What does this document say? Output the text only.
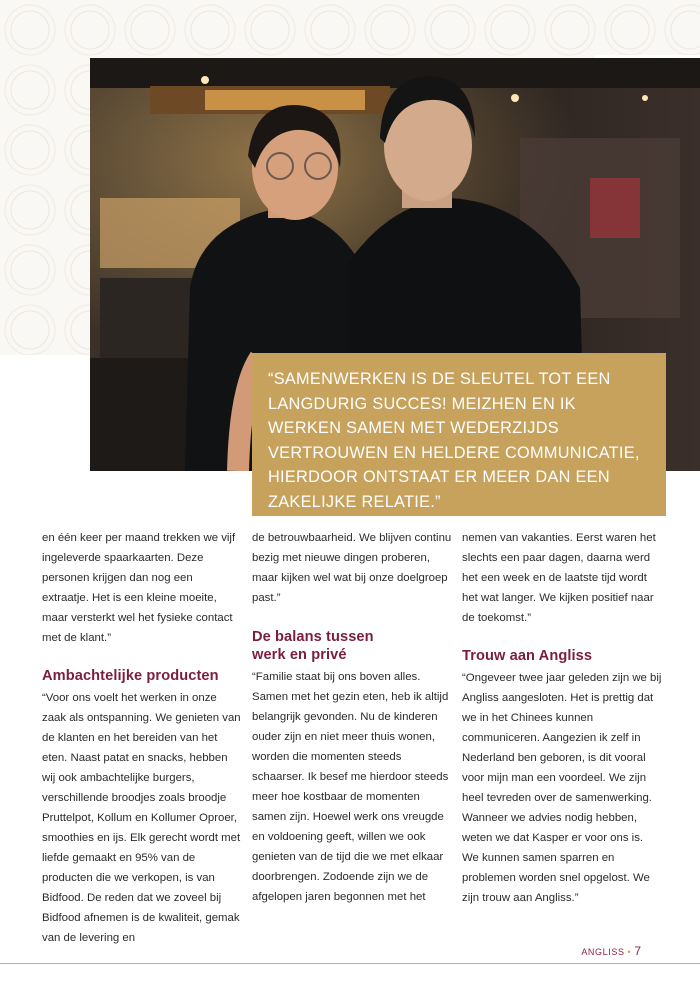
“SAMENWERKEN IS DE SLEUTEL TOT EEN LANGDURIG SUCCES! MEIZHEN EN IK WERKEN SAMEN MET WEDERZIJDS VERTROUWEN EN HELDERE COMMUNICATIE, HIERDOOR ONTSTAAT ER MEER DAN EEN ZAKELIJKE RELATIE.”

- KASPER WITTE

en één keer per maand trekken we vijf ingeleverde spaarkaarten. Deze personen krijgen dan nog een extraatje. Het is een kleine moeite, maar versterkt wel het fysieke contact met de klant.”

Ambachtelijke producten

“Voor ons voelt het werken in onze zaak als ontspanning. We genieten van de klanten en het bereiden van het eten. Naast patat en snacks, hebben wij ook ambachtelijke burgers, verschillende broodjes zoals broodje Pruttelpot, Kollum en Kollumer Oproer, smoothies en ijs. Elk gerecht wordt met liefde gemaakt en 95% van de producten die we verkopen, is van Bidfood. De reden dat we zoveel bij Bidfood afnemen is de kwaliteit, gemak van de levering en

de betrouwbaarheid. We blijven continu bezig met nieuwe dingen proberen, maar kijken wel wat bij onze doelgroep past.”

De balans tussen werk en privé

“Familie staat bij ons boven alles. Samen met het gezin eten, heb ik altijd belangrijk gevonden. Nu de kinderen ouder zijn en niet meer thuis wonen, worden die momenten steeds schaarser. Ik besef me hierdoor steeds meer hoe kostbaar de momenten samen zijn. Hoewel werk ons vreugde en voldoening geeft, willen we ook genieten van de tijd die we met elkaar doorbrengen. Zodoende zijn we de afgelopen jaren begonnen met het

nemen van vakanties. Eerst waren het slechts een paar dagen, daarna werd het een week en de laatste tijd wordt het wat langer. We kijken positief naar de toekomst.”

Trouw aan Angliss

“Ongeveer twee jaar geleden zijn we bij Angliss aangesloten. Het is prettig dat we in het Chinees kunnen communiceren. Aangezien ik zelf in Nederland ben geboren, is dit vooral voor mijn man een voordeel. We zijn heel tevreden over de samenwerking. Wanneer we advies nodig hebben, weten we dat Kasper er voor ons is. We kunnen samen sparren en problemen worden snel opgelost. We zijn trouw aan Angliss.”

ANGLISS • 7
